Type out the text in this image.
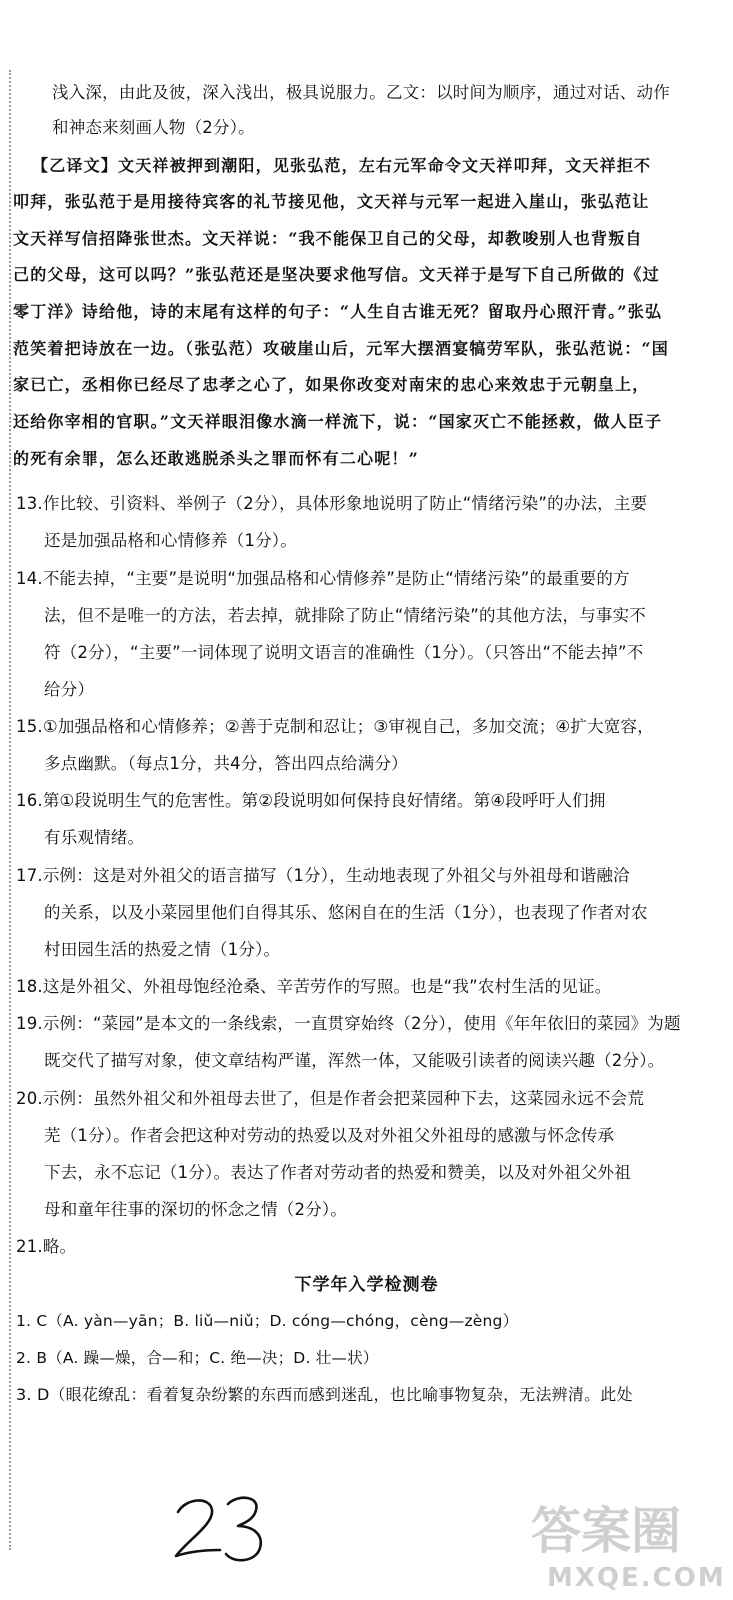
浅入深，由此及彼，深入浅出，极具说服力。乙文：以时间为顺序，通过对话、动作
和神态来刻画人物（2分）。
【乙译文】文天祥被押到潮阳，见张弘范，左右元军命令文天祥叩拜，文天祥拒不
叩拜，张弘范于是用接待宾客的礼节接见他，文天祥与元军一起进入崖山，张弘范让
文天祥写信招降张世杰。文天祥说：“我不能保卫自己的父母，却教唆别人也背叛自
己的父母，这可以吗？”张弘范还是坚决要求他写信。文天祥于是写下自己所做的《过
零丁洋》诗给他，诗的末尾有这样的句子：“人生自古谁无死？留取丹心照汗青。”张弘
范笑着把诗放在一边。（张弘范）攻破崖山后，元军大摆酒宴犒劳军队，张弘范说：“国
家已亡，丞相你已经尽了忠孝之心了，如果你改变对南宋的忠心来效忠于元朝皇上，
还给你宰相的官职。”文天祥眼泪像水滴一样流下，说：“国家灭亡不能拯救，做人臣子
的死有余罪，怎么还敢逃脱杀头之罪而怀有二心呢！”
13.作比较、引资料、举例子（2分），具体形象地说明了防止“情绪污染”的办法，主要
还是加强品格和心情修养（1分）。
14.不能去掉，“主要”是说明“加强品格和心情修养”是防止“情绪污染”的最重要的方
法，但不是唯一的方法，若去掉，就排除了防止“情绪污染”的其他方法，与事实不
符（2分），“主要”一词体现了说明文语言的准确性（1分）。（只答出“不能去掉”不
给分）
15.①加强品格和心情修养；②善于克制和忍让；③审视自己，多加交流；④扩大宽容，
多点幽默。（每点1分，共4分，答出四点给满分）
16.第①段说明生气的危害性。第②段说明如何保持良好情绪。第④段呼吁人们拥
有乐观情绪。
17.示例：这是对外祖父的语言描写（1分），生动地表现了外祖父与外祖母和谐融洽
的关系，以及小菜园里他们自得其乐、悠闲自在的生活（1分），也表现了作者对农
村田园生活的热爱之情（1分）。
18.这是外祖父、外祖母饱经沧桑、辛苦劳作的写照。也是“我”农村生活的见证。
19.示例：“菜园”是本文的一条线索，一直贯穿始终（2分），使用《年年依旧的菜园》为题
既交代了描写对象，使文章结构严谨，浑然一体，又能吸引读者的阅读兴趣（2分）。
20.示例：虽然外祖父和外祖母去世了，但是作者会把菜园种下去，这菜园永远不会荒
芜（1分）。作者会把这种对劳动的热爱以及对外祖父外祖母的感激与怀念传承
下去，永不忘记（1分）。表达了作者对劳动者的热爱和赞美，以及对外祖父外祖
母和童年往事的深切的怀念之情（2分）。
21.略。
下学年入学检测卷
1. C（A. yàn—yān；B. liǔ—niǔ；D. cóng—chóng，cèng—zèng）
2. B（A. 躁—燥，合—和；C. 绝—决；D. 壮—状）
3. D（眼花缭乱：看着复杂纷繁的东西而感到迷乱，也比喻事物复杂，无法辨清。此处
答案圈
MXQE.COM
